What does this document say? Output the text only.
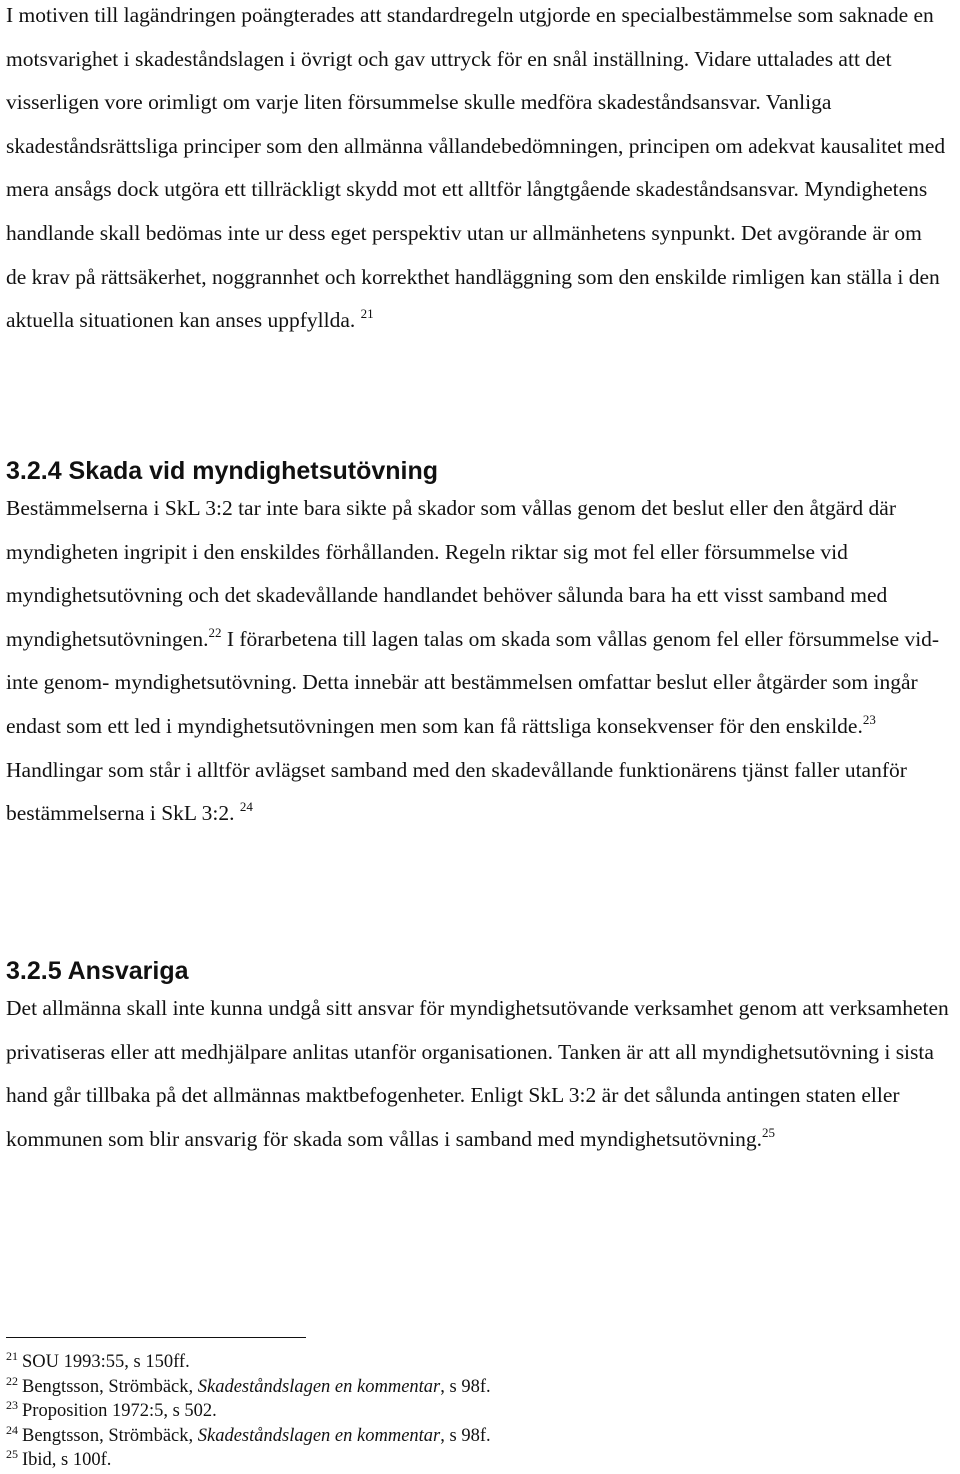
I motiven till lagändringen poängterades att standardregeln utgjorde en specialbestämmelse som saknade en motsvarighet i skadeståndslagen i övrigt och gav uttryck för en snål inställning. Vidare uttalades att det visserligen vore orimligt om varje liten försummelse skulle medföra skadeståndsansvar. Vanliga skadeståndsrättsliga principer som den allmänna vållandebedömningen, principen om adekvat kausalitet med mera ansågs dock utgöra ett tillräckligt skydd mot ett alltför långtgående skadeståndsansvar. Myndighetens handlande skall bedömas inte ur dess eget perspektiv utan ur allmänhetens synpunkt. Det avgörande är om de krav på rättsäkerhet, noggrannhet och korrekthet handläggning som den enskilde rimligen kan ställa i den aktuella situationen kan anses uppfyllda. $^{21}$

3.2.4 Skada vid myndighetsutövning

Bestämmelserna i SkL 3:2 tar inte bara sikte på skador som vållas genom det beslut eller den åtgärd där myndigheten ingripit i den enskildes förhållanden. Regeln riktar sig mot fel eller försummelse vid myndighetsutövning och det skadevållande handlandet behöver sålunda bara ha ett visst samband med myndighetsutövningen.$^{22}$ I förarbetena till lagen talas om skada som vållas genom fel eller försummelse vid- inte genom- myndighetsutövning. Detta innebär att bestämmelsen omfattar beslut eller åtgärder som ingår endast som ett led i myndighetsutövningen men som kan få rättsliga konsekvenser för den enskilde.$^{23}$ Handlingar som står i alltför avlägset samband med den skadevållande funktionärens tjänst faller utanför bestämmelserna i SkL 3:2. $^{24}$

3.2.5 Ansvariga

Det allmänna skall inte kunna undgå sitt ansvar för myndighetsutövande verksamhet genom att verksamheten privatiseras eller att medhjälpare anlitas utanför organisationen. Tanken är att all myndighetsutövning i sista hand går tillbaka på det allmännas maktbefogenheter. Enligt SkL 3:2 är det sålunda antingen staten eller kommunen som blir ansvarig för skada som vållas i samband med myndighetsutövning.$^{25}$

$^{21}$ SOU 1993:55, s 150ff.
$^{22}$ Bengtsson, Strömbäck, Skadeståndslagen en kommentar, s 98f.
$^{23}$ Proposition 1972:5, s 502.
$^{24}$ Bengtsson, Strömbäck, Skadeståndslagen en kommentar, s 98f.
$^{25}$ Ibid, s 100f.
